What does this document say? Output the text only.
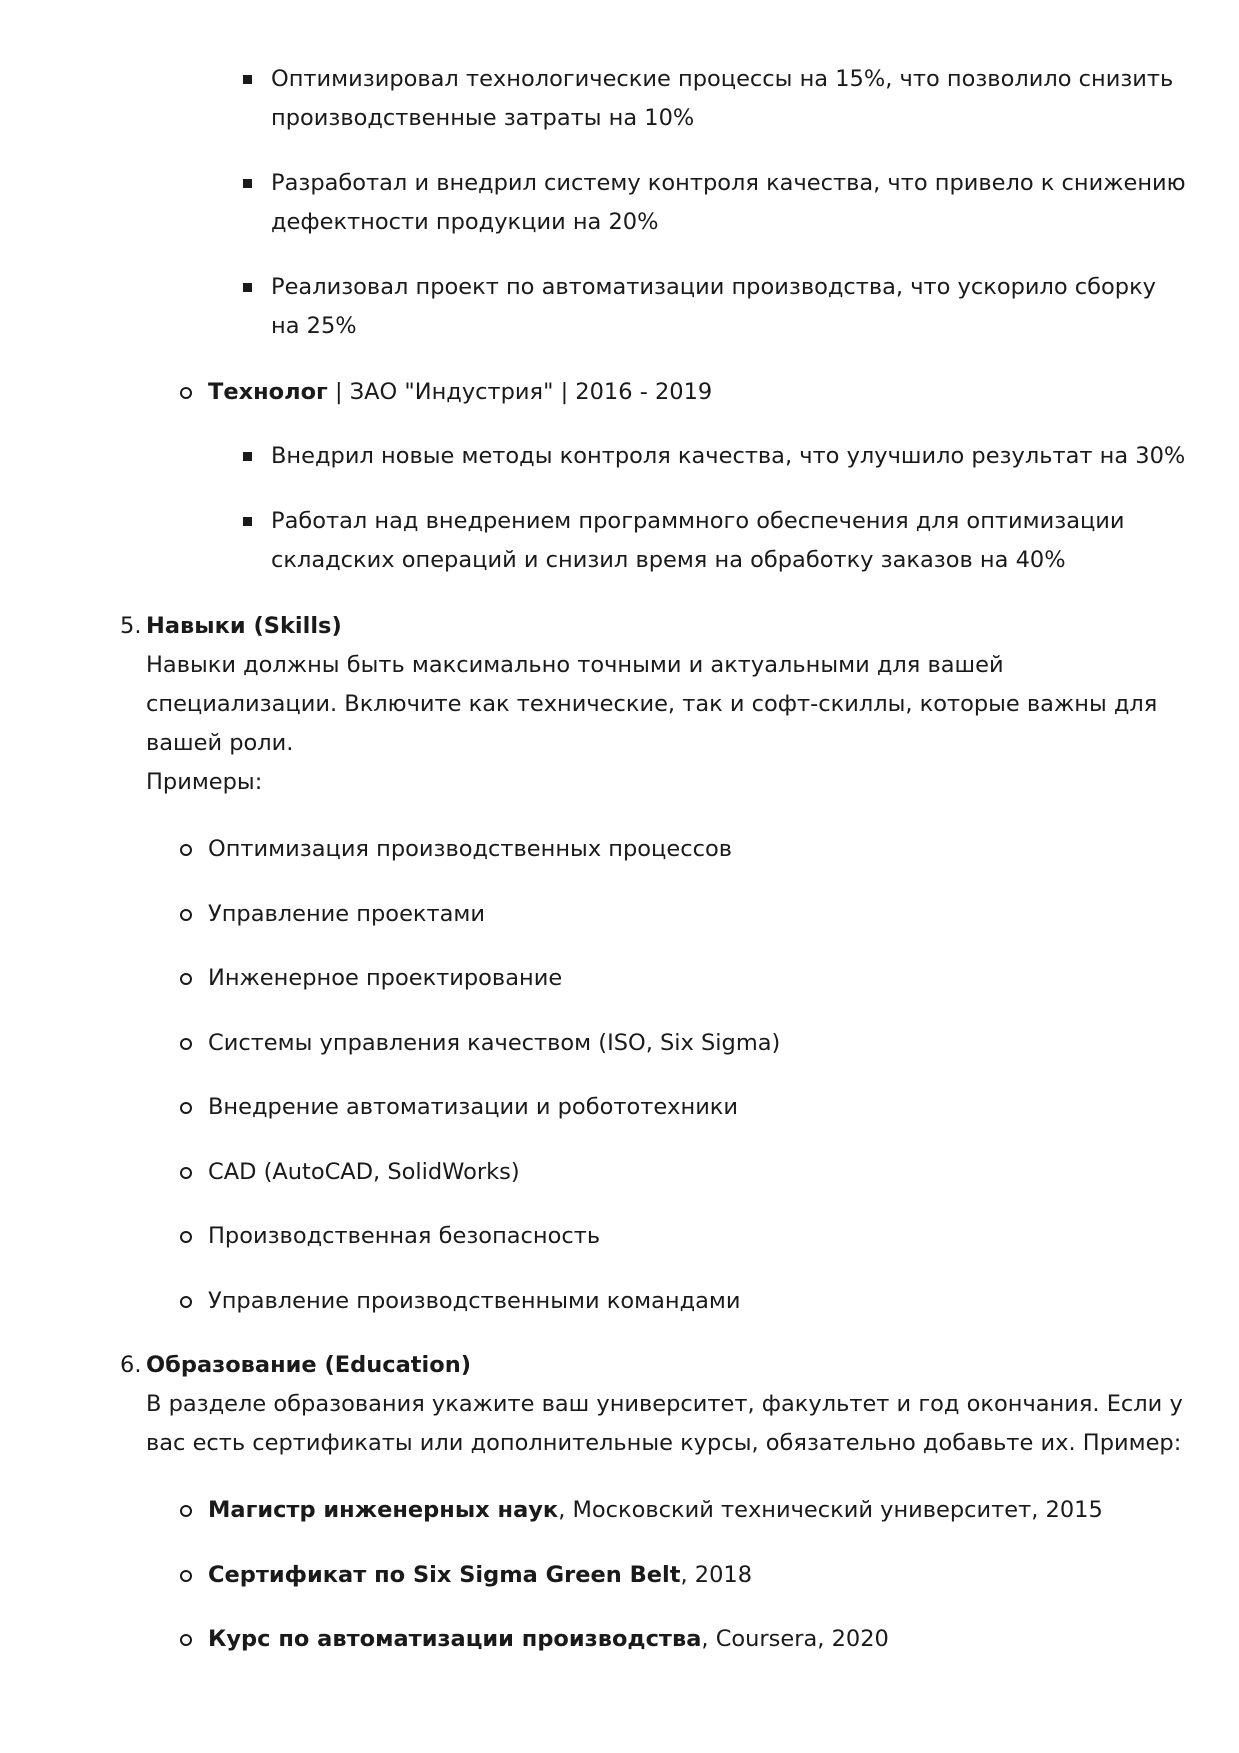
Оптимизировал технологические процессы на 15%, что позволило снизить
производственные затраты на 10%
Разработал и внедрил систему контроля качества, что привело к снижению
дефектности продукции на 20%
Реализовал проект по автоматизации производства, что ускорило сборку
на 25%
Технолог | ЗАО "Индустрия" | 2016 - 2019
Внедрил новые методы контроля качества, что улучшило результат на 30%
Работал над внедрением программного обеспечения для оптимизации
складских операций и снизил время на обработку заказов на 40%
5. Навыки (Skills)
Навыки должны быть максимально точными и актуальными для вашей
специализации. Включите как технические, так и софт-скиллы, которые важны для
вашей роли.
Примеры:
Оптимизация производственных процессов
Управление проектами
Инженерное проектирование
Системы управления качеством (ISO, Six Sigma)
Внедрение автоматизации и робототехники
CAD (AutoCAD, SolidWorks)
Производственная безопасность
Управление производственными командами
6. Образование (Education)
В разделе образования укажите ваш университет, факультет и год окончания. Если у
вас есть сертификаты или дополнительные курсы, обязательно добавьте их. Пример:
Магистр инженерных наук, Московский технический университет, 2015
Сертификат по Six Sigma Green Belt, 2018
Курс по автоматизации производства, Coursera, 2020
